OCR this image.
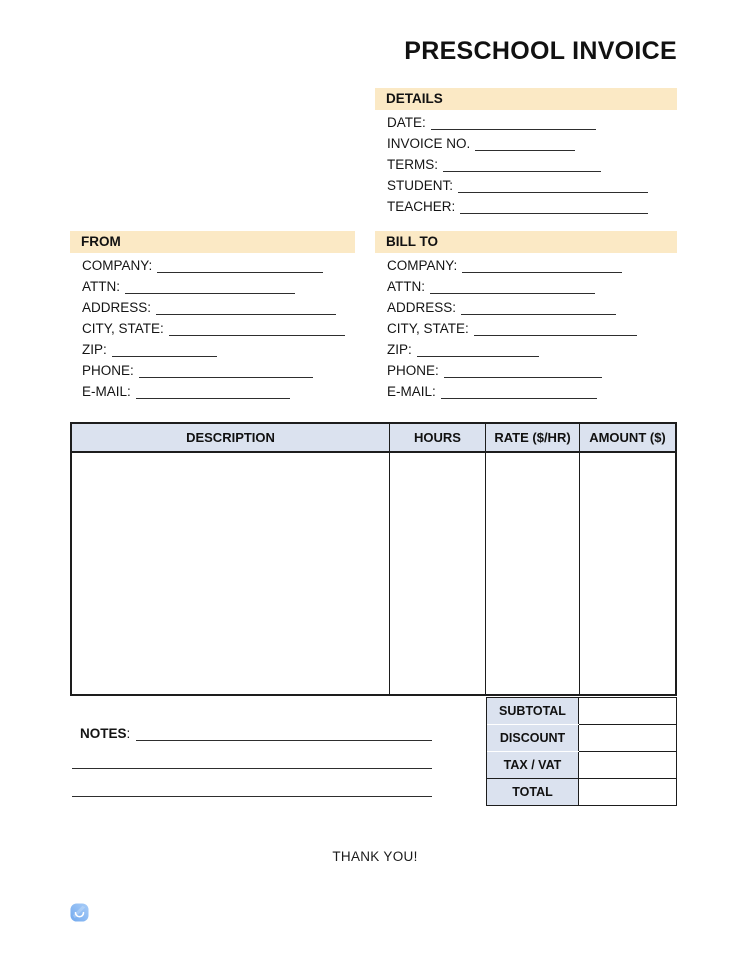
PRESCHOOL INVOICE
DETAILS
DATE:
INVOICE NO.
TERMS:
STUDENT:
TEACHER:
FROM
COMPANY:
ATTN:
ADDRESS:
CITY, STATE:
ZIP:
PHONE:
E-MAIL:
BILL TO
COMPANY:
ATTN:
ADDRESS:
CITY, STATE:
ZIP:
PHONE:
E-MAIL:
DESCRIPTION	HOURS	RATE ($/HR)	AMOUNT ($)
SUBTOTAL
DISCOUNT
TAX / VAT
TOTAL
NOTES :
THANK YOU!
